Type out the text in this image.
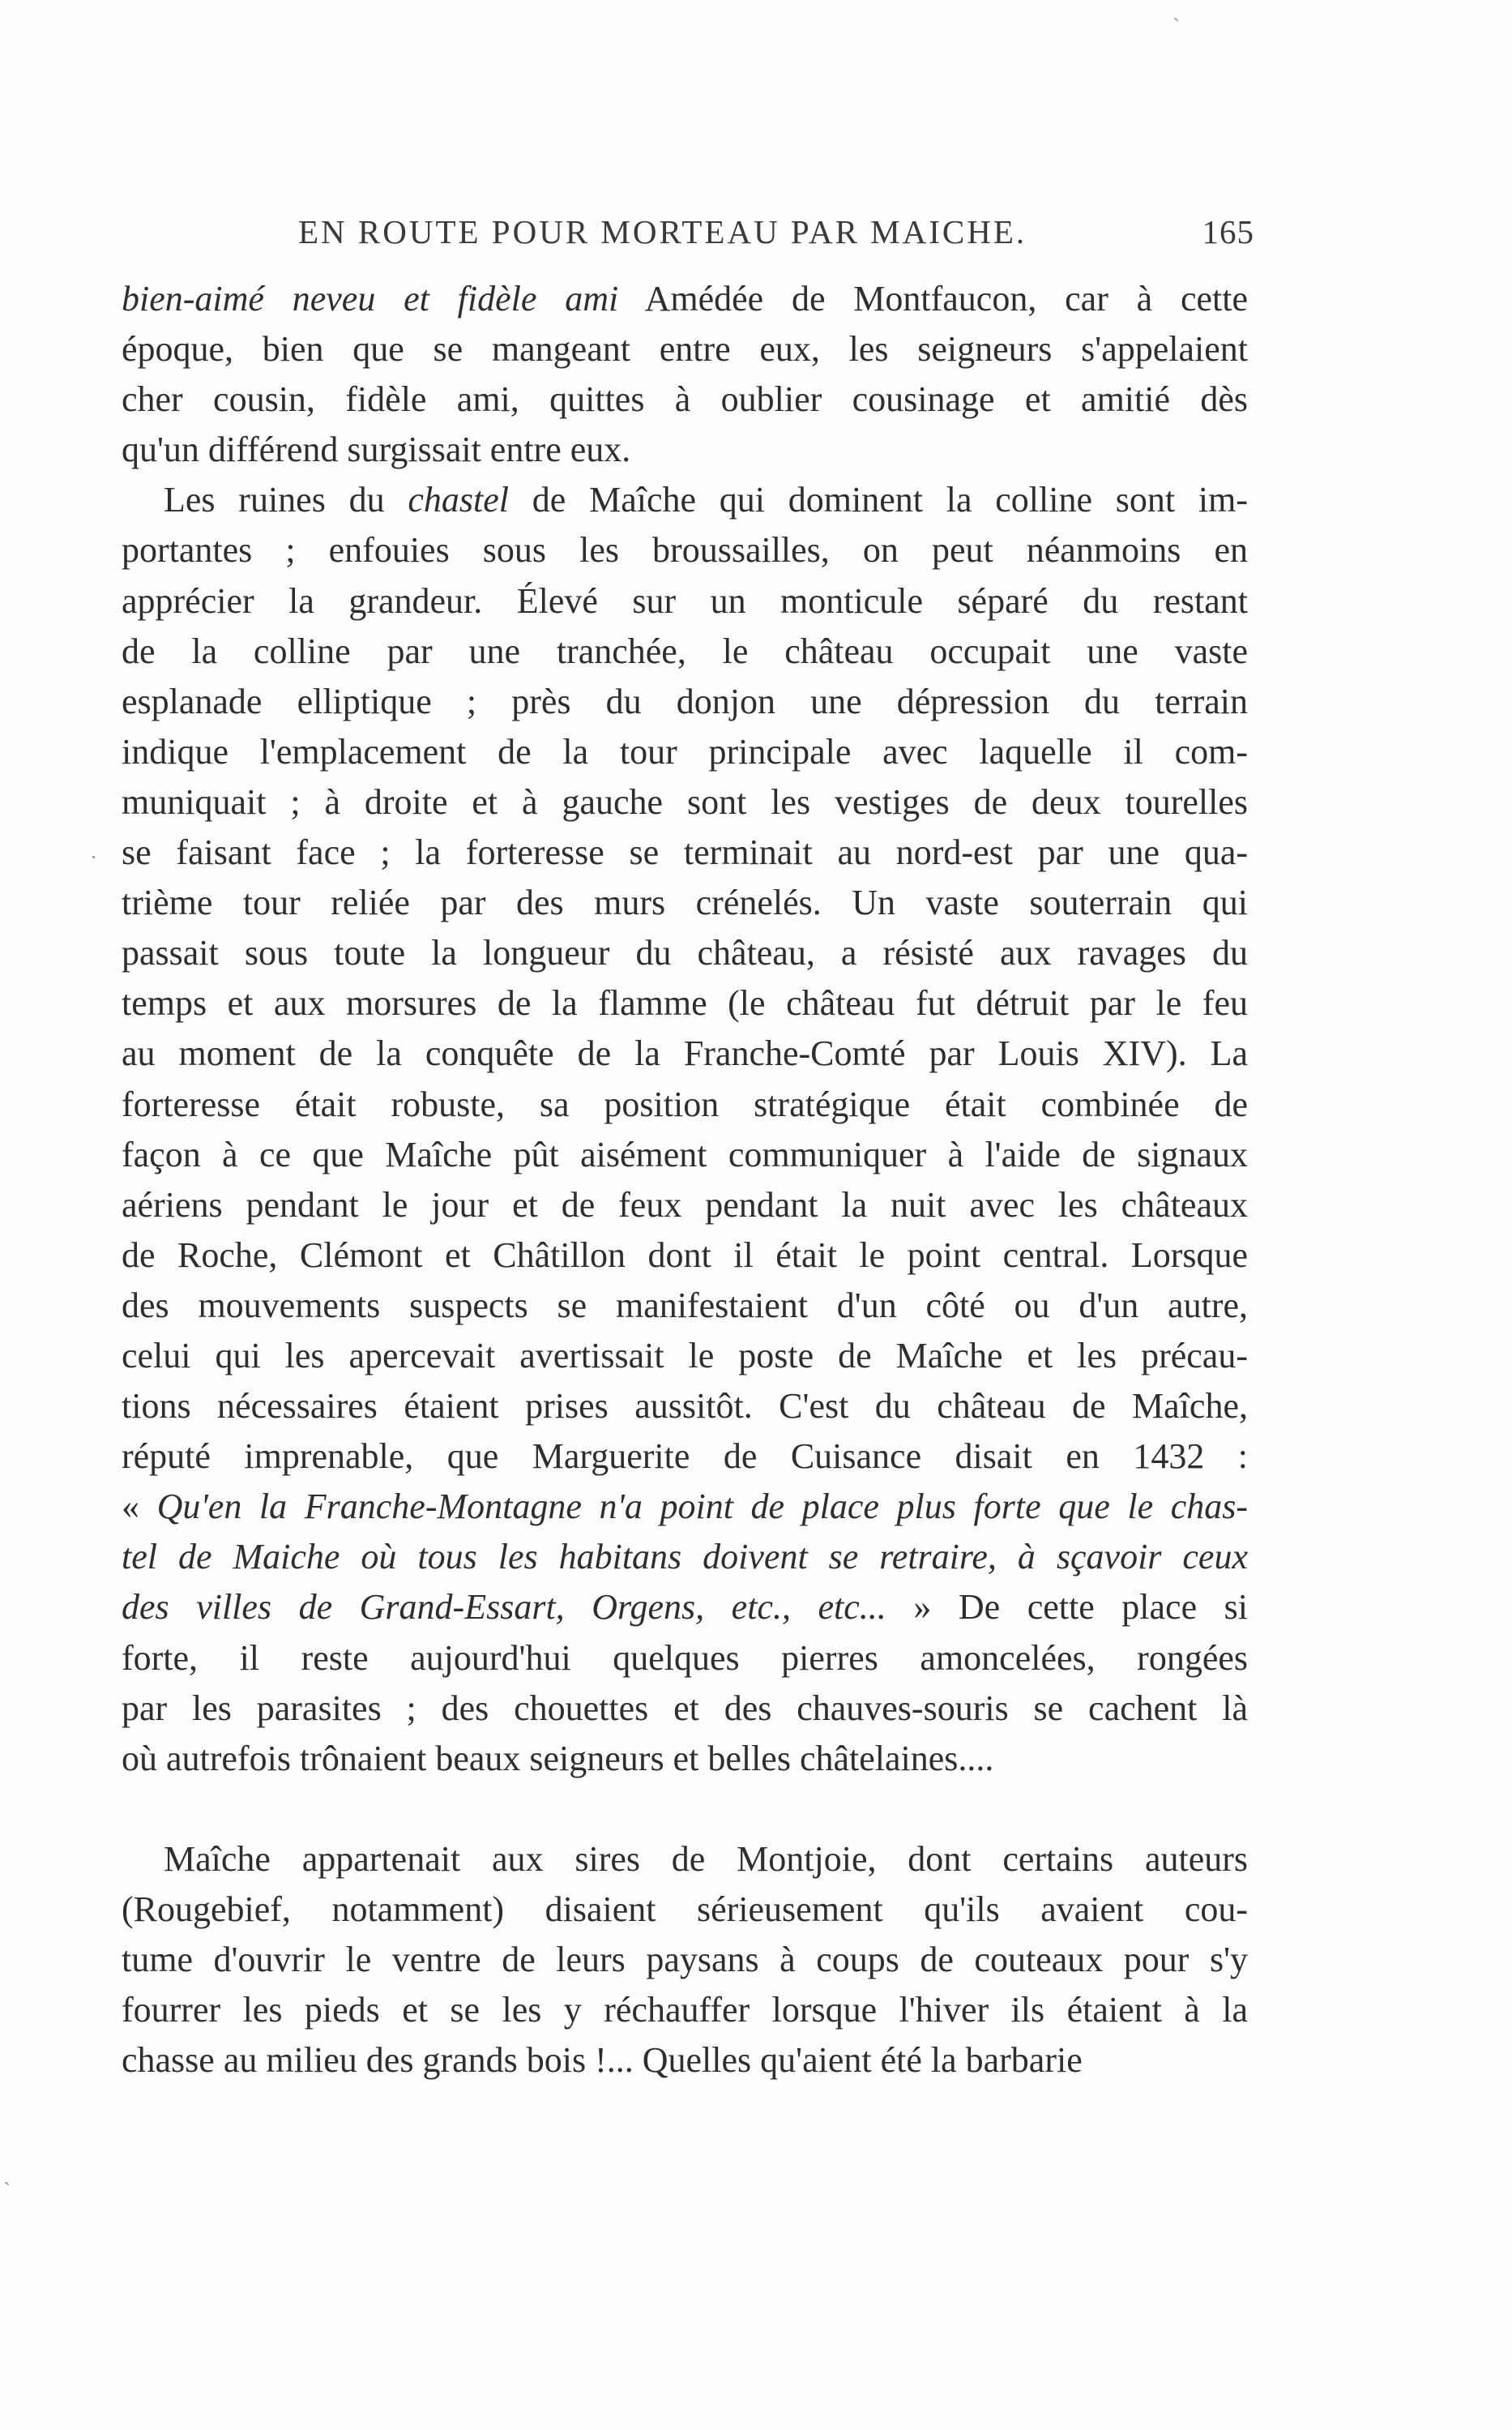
EN ROUTE POUR MORTEAU PAR MAICHE.	165
ˋ
.
ˋ
bien-aimé neveu et fidèle ami Amédée de Montfaucon, car à cette
époque, bien que se mangeant entre eux, les seigneurs s'appelaient
cher cousin, fidèle ami, quittes à oublier cousinage et amitié dès
qu'un différend surgissait entre eux.
Les ruines du chastel de Maîche qui dominent la colline sont im-
portantes ; enfouies sous les broussailles, on peut néanmoins en
apprécier la grandeur. Élevé sur un monticule séparé du restant
de la colline par une tranchée, le château occupait une vaste
esplanade elliptique ; près du donjon une dépression du terrain
indique l'emplacement de la tour principale avec laquelle il com-
muniquait ; à droite et à gauche sont les vestiges de deux tourelles
se faisant face ; la forteresse se terminait au nord-est par une qua-
trième tour reliée par des murs crénelés. Un vaste souterrain qui
passait sous toute la longueur du château, a résisté aux ravages du
temps et aux morsures de la flamme (le château fut détruit par le feu
au moment de la conquête de la Franche-Comté par Louis XIV). La
forteresse était robuste, sa position stratégique était combinée de
façon à ce que Maîche pût aisément communiquer à l'aide de signaux
aériens pendant le jour et de feux pendant la nuit avec les châteaux
de Roche, Clémont et Châtillon dont il était le point central. Lorsque
des mouvements suspects se manifestaient d'un côté ou d'un autre,
celui qui les apercevait avertissait le poste de Maîche et les précau-
tions nécessaires étaient prises aussitôt. C'est du château de Maîche,
réputé imprenable, que Marguerite de Cuisance disait en 1432 :
« Qu'en la Franche-Montagne n'a point de place plus forte que le chas-
tel de Maiche où tous les habitans doivent se retraire, à sçavoir ceux
des villes de Grand-Essart, Orgens, etc., etc... » De cette place si
forte, il reste aujourd'hui quelques pierres amoncelées, rongées
par les parasites ; des chouettes et des chauves-souris se cachent là
où autrefois trônaient beaux seigneurs et belles châtelaines....
Maîche appartenait aux sires de Montjoie, dont certains auteurs
(Rougebief, notamment) disaient sérieusement qu'ils avaient cou-
tume d'ouvrir le ventre de leurs paysans à coups de couteaux pour s'y
fourrer les pieds et se les y réchauffer lorsque l'hiver ils étaient à la
chasse au milieu des grands bois !... Quelles qu'aient été la barbarie
